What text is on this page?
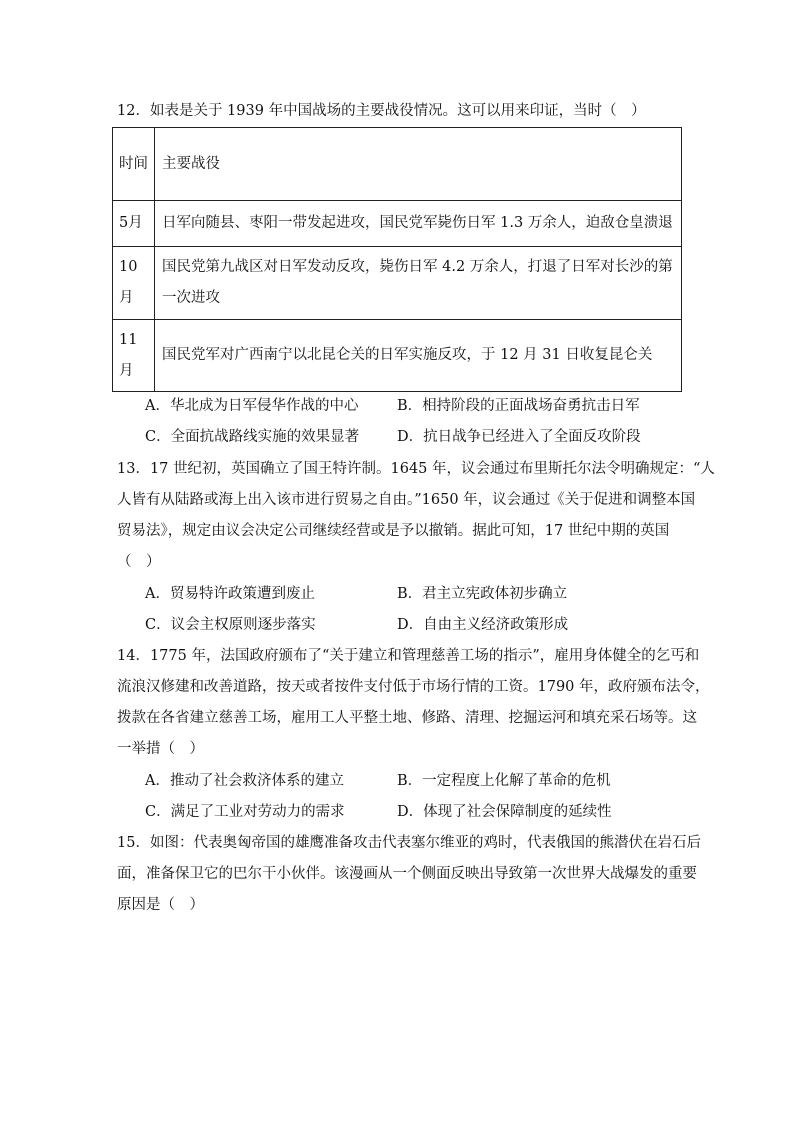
12．如表是关于 1939 年中国战场的主要战役情况。这可以用来印证，当时（　）
时间	主要战役
5月	日军向随县、枣阳一带发起进攻，国民党军毙伤日军 1.3 万余人，迫敌仓皇溃退
10月	国民党第九战区对日军发动反攻，毙伤日军 4.2 万余人，打退了日军对长沙的第一次进攻
11月	国民党军对广西南宁以北昆仑关的日军实施反攻，于 12 月 31 日收复昆仑关
A．华北成为日军侵华作战的中心	B．相持阶段的正面战场奋勇抗击日军
C．全面抗战路线实施的效果显著	D．抗日战争已经进入了全面反攻阶段
13．17 世纪初，英国确立了国王特许制。1645 年，议会通过布里斯托尔法令明确规定：“人
人皆有从陆路或海上出入该市进行贸易之自由。”1650 年，议会通过《关于促进和调整本国
贸易法》，规定由议会决定公司继续经营或是予以撤销。据此可知，17 世纪中期的英国
（　）
A．贸易特许政策遭到废止	B．君主立宪政体初步确立
C．议会主权原则逐步落实	D．自由主义经济政策形成
14．1775 年，法国政府颁布了“关于建立和管理慈善工场的指示”，雇用身体健全的乞丐和
流浪汉修建和改善道路，按天或者按件支付低于市场行情的工资。1790 年，政府颁布法令，
拨款在各省建立慈善工场，雇用工人平整土地、修路、清理、挖掘运河和填充采石场等。这
一举措（　）
A．推动了社会救济体系的建立	B．一定程度上化解了革命的危机
C．满足了工业对劳动力的需求	D．体现了社会保障制度的延续性
15．如图：代表奥匈帝国的雄鹰准备攻击代表塞尔维亚的鸡时，代表俄国的熊潜伏在岩石后
面，准备保卫它的巴尔干小伙伴。该漫画从一个侧面反映出导致第一次世界大战爆发的重要
原因是（　）
